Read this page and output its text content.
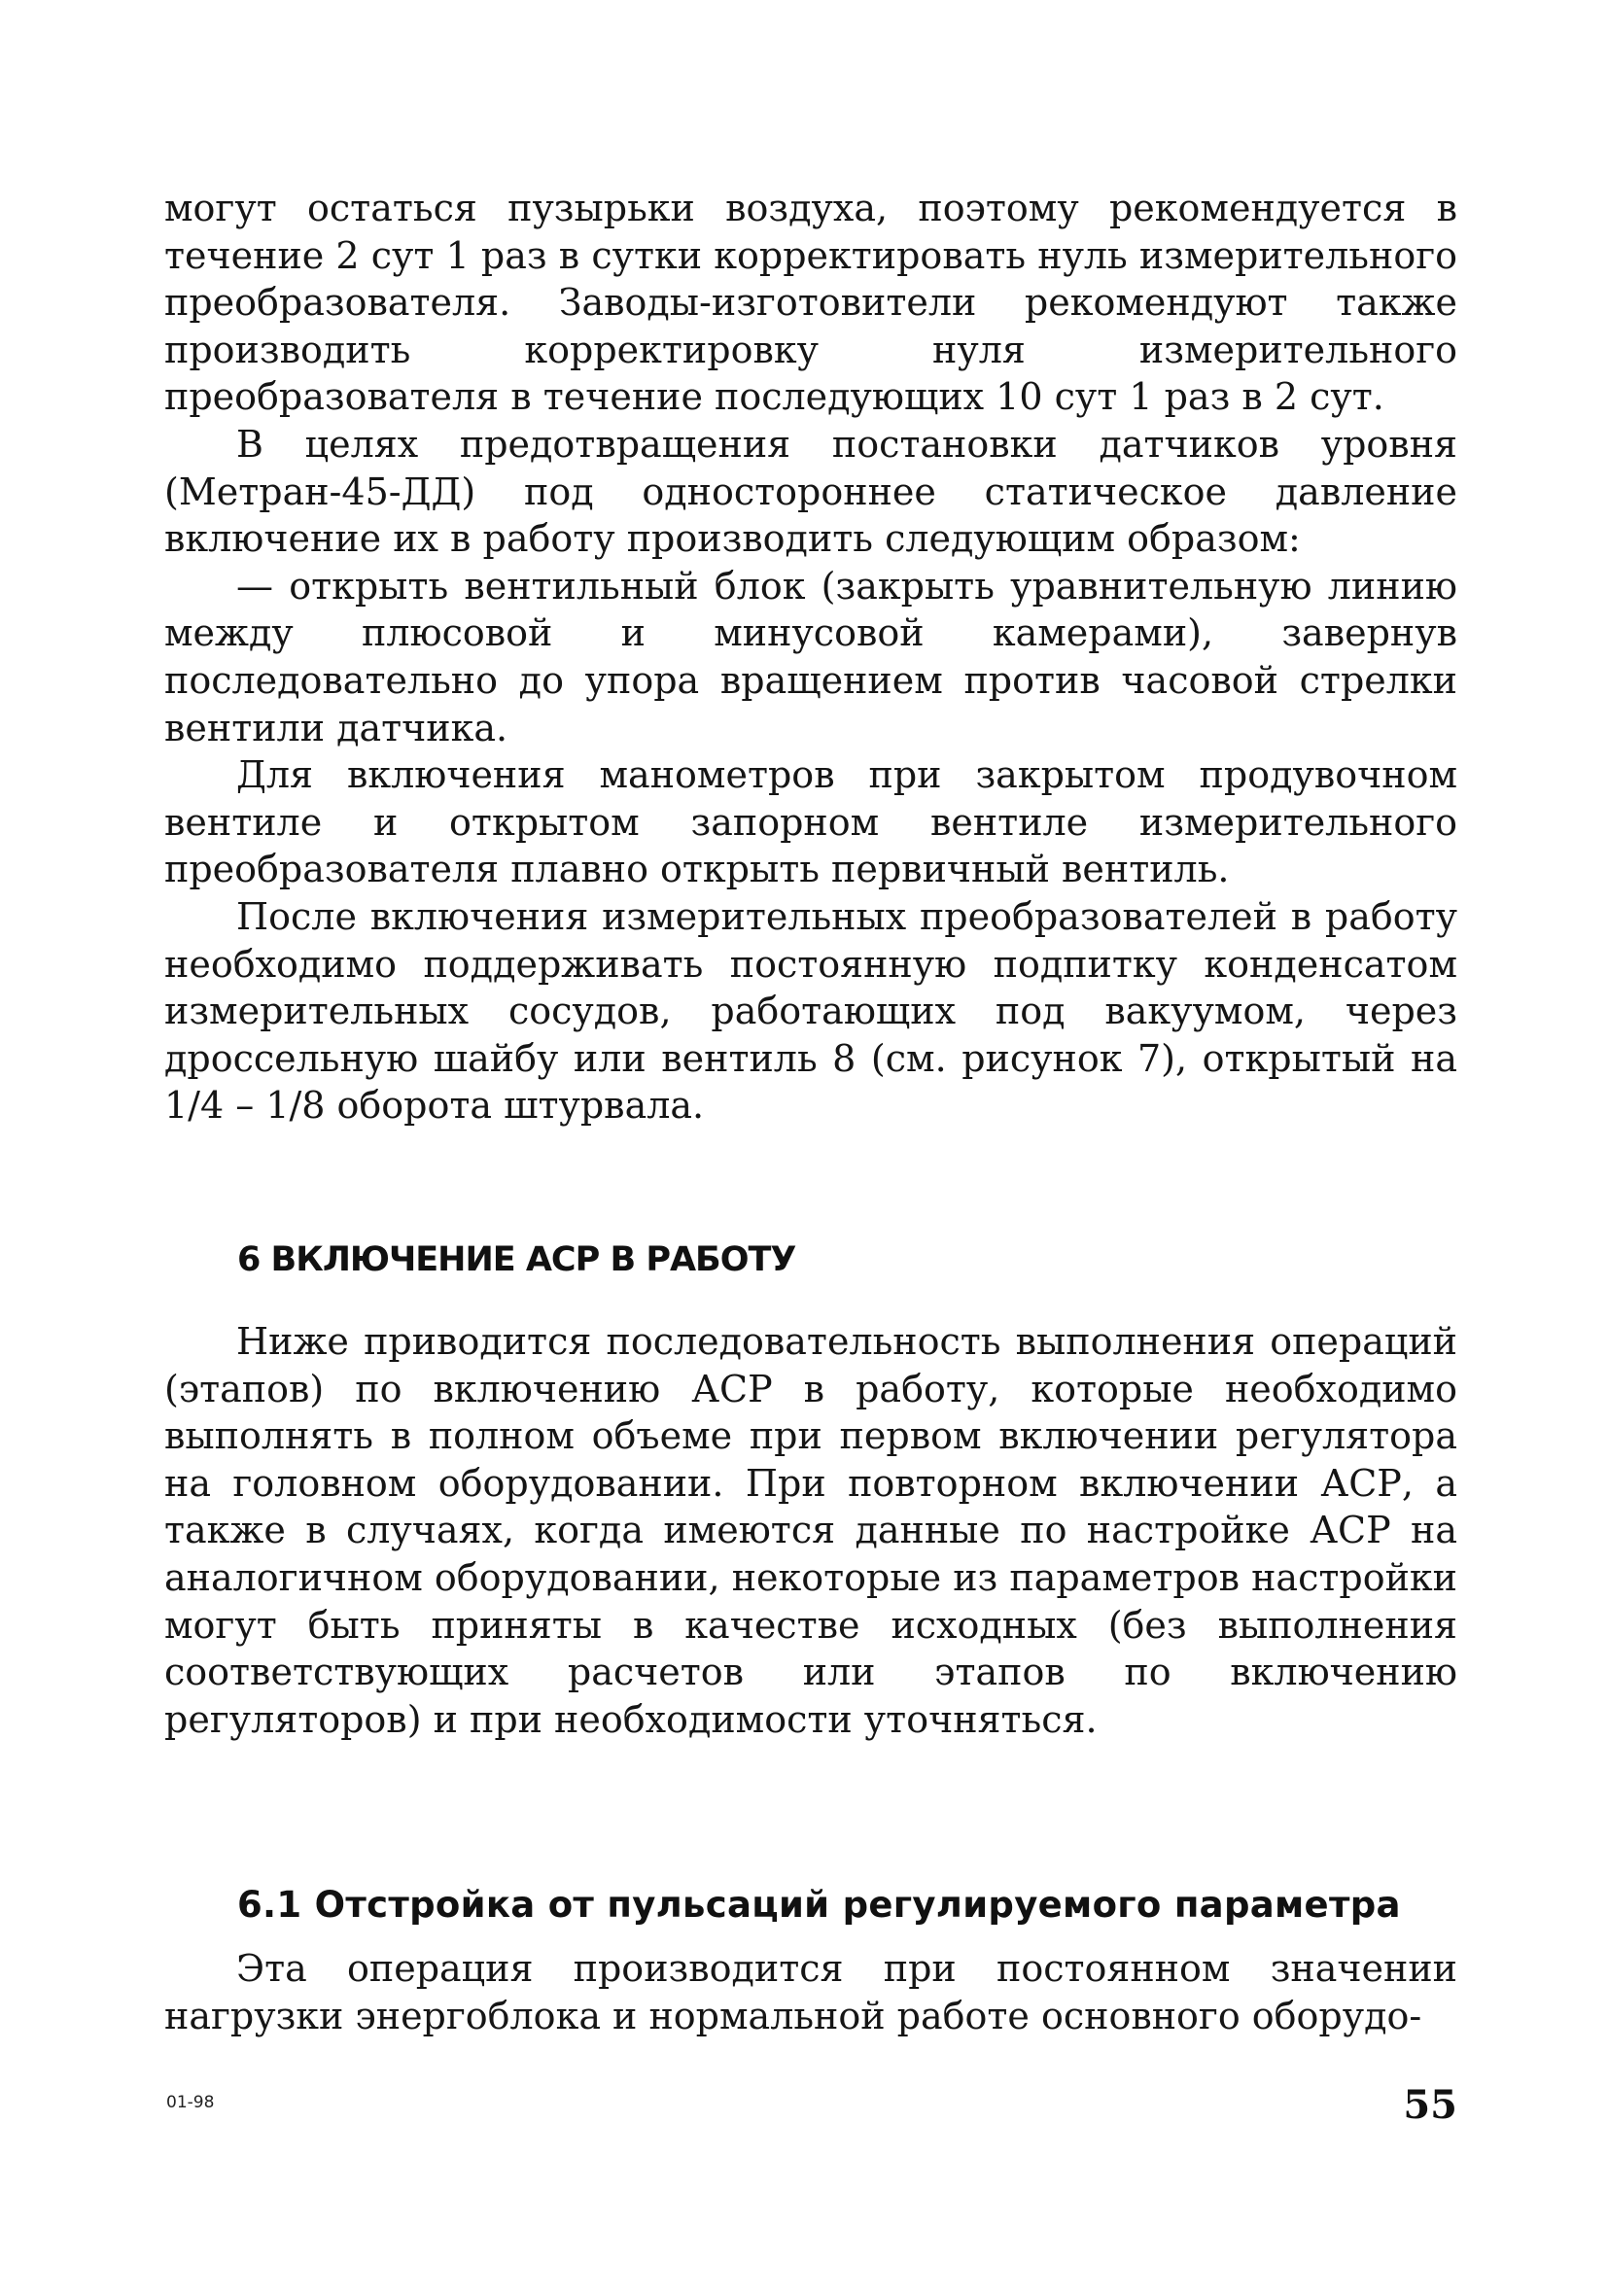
могут остаться пузырьки воздуха, поэтому рекомендуется в течение 2 сут 1 раз в сутки корректировать нуль измерительного преобразователя. Заводы-изготовители рекомендуют также производить корректировку нуля измерительного преобразователя в течение последующих 10 сут 1 раз в 2 сут.

В целях предотвращения постановки датчиков уровня (Метран-45-ДД) под одностороннее статическое давление включение их в работу производить следующим образом:

— открыть вентильный блок (закрыть уравнительную линию между плюсовой и минусовой камерами), завернув последовательно до упора вращением против часовой стрелки вентили датчика.

Для включения манометров при закрытом продувочном вентиле и открытом запорном вентиле измерительного преобразователя плавно открыть первичный вентиль.

После включения измерительных преобразователей в работу необходимо поддерживать постоянную подпитку конденсатом измерительных сосудов, работающих под вакуумом, через дроссельную шайбу или вентиль 8 (см. рисунок 7), открытый на 1/4 – 1/8 оборота штурвала.

6 ВКЛЮЧЕНИЕ АСР В РАБОТУ

Ниже приводится последовательность выполнения операций (этапов) по включению АСР в работу, которые необходимо выполнять в полном объеме при первом включении регулятора на головном оборудовании. При повторном включении АСР, а также в случаях, когда имеются данные по настройке АСР на аналогичном оборудовании, некоторые из параметров настройки могут быть приняты в качестве исходных (без выполнения соответствующих расчетов или этапов по включению регуляторов) и при необходимости уточняться.

6.1 Отстройка от пульсаций регулируемого параметра

Эта операция производится при постоянном значении нагрузки энергоблока и нормальной работе основного оборудо-

01-98	55
